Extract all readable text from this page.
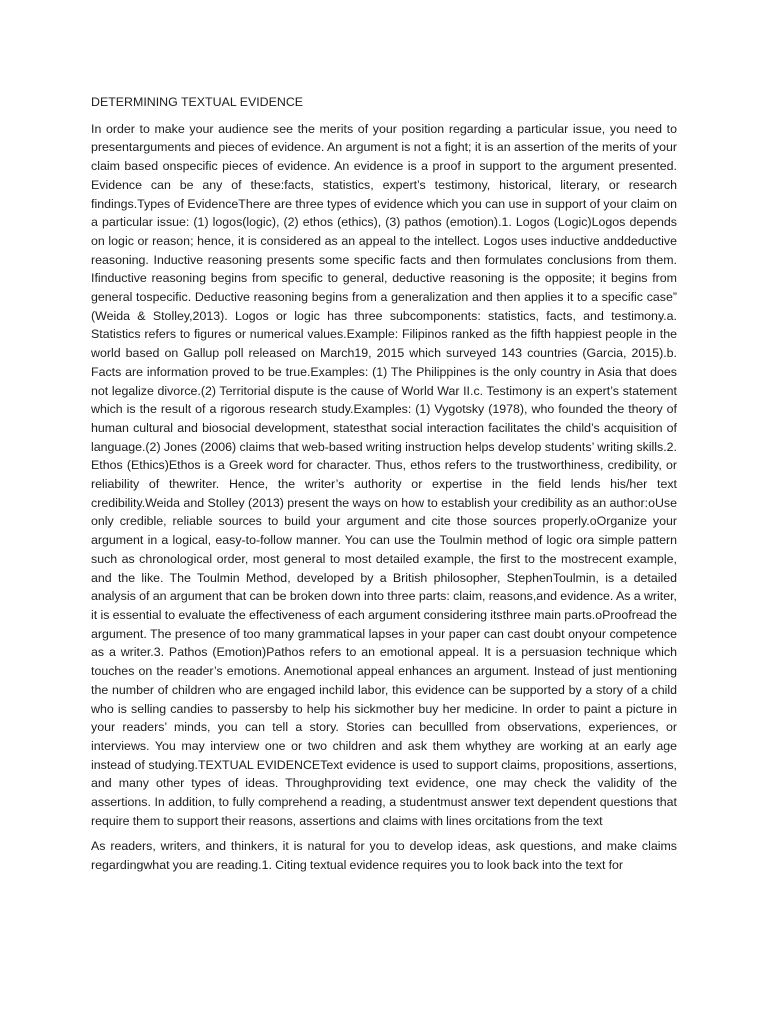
DETERMINING TEXTUAL EVIDENCE

In order to make your audience see the merits of your position regarding a particular issue, you need to presentarguments and pieces of evidence. An argument is not a fight; it is an assertion of the merits of your claim based onspecific pieces of evidence. An evidence is a proof in support to the argument presented. Evidence can be any of these:facts, statistics, expert’s testimony, historical, literary, or research findings.Types of EvidenceThere are three types of evidence which you can use in support of your claim on a particular issue: (1) logos(logic), (2) ethos (ethics), (3) pathos (emotion).1. Logos (Logic)Logos depends on logic or reason; hence, it is considered as an appeal to the intellect. Logos uses inductive anddeductive reasoning. Inductive reasoning presents some specific facts and then formulates conclusions from them. Ifinductive reasoning begins from specific to general, deductive reasoning is the opposite; it begins from general tospecific. Deductive reasoning begins from a generalization and then applies it to a specific case” (Weida & Stolley,2013). Logos or logic has three subcomponents: statistics, facts, and testimony.a. Statistics refers to figures or numerical values.Example: Filipinos ranked as the fifth happiest people in the world based on Gallup poll released on March19, 2015 which surveyed 143 countries (Garcia, 2015).b. Facts are information proved to be true.Examples: (1) The Philippines is the only country in Asia that does not legalize divorce.(2) Territorial dispute is the cause of World War II.c. Testimony is an expert’s statement which is the result of a rigorous research study.Examples: (1) Vygotsky (1978), who founded the theory of human cultural and biosocial development, statesthat social interaction facilitates the child’s acquisition of language.(2) Jones (2006) claims that web-based writing instruction helps develop students’ writing skills.2. Ethos (Ethics)Ethos is a Greek word for character. Thus, ethos refers to the trustworthiness, credibility, or reliability of thewriter. Hence, the writer’s authority or expertise in the field lends his/her text credibility.Weida and Stolley (2013) present the ways on how to establish your credibility as an author:oUse only credible, reliable sources to build your argument and cite those sources properly.oOrganize your argument in a logical, easy-to-follow manner. You can use the Toulmin method of logic ora simple pattern such as chronological order, most general to most detailed example, the first to the mostrecent example, and the like. The Toulmin Method, developed by a British philosopher, StephenToulmin, is a detailed analysis of an argument that can be broken down into three parts: claim, reasons,and evidence. As a writer, it is essential to evaluate the effectiveness of each argument considering itsthree main parts.oProofread the argument. The presence of too many grammatical lapses in your paper can cast doubt onyour competence as a writer.3. Pathos (Emotion)Pathos refers to an emotional appeal. It is a persuasion technique which touches on the reader’s emotions. Anemotional appeal enhances an argument. Instead of just mentioning the number of children who are engaged inchild labor, this evidence can be supported by a story of a child who is selling candies to passersby to help his sickmother buy her medicine. In order to paint a picture in your readers’ minds, you can tell a story. Stories can becullled from observations, experiences, or interviews. You may interview one or two children and ask them whythey are working at an early age instead of studying.TEXTUAL EVIDENCEText evidence is used to support claims, propositions, assertions, and many other types of ideas. Throughproviding text evidence, one may check the validity of the assertions. In addition, to fully comprehend a reading, a studentmust answer text dependent questions that require them to support their reasons, assertions and claims with lines orcitations from the text

As readers, writers, and thinkers, it is natural for you to develop ideas, ask questions, and make claims regardingwhat you are reading.1. Citing textual evidence requires you to look back into the text for
